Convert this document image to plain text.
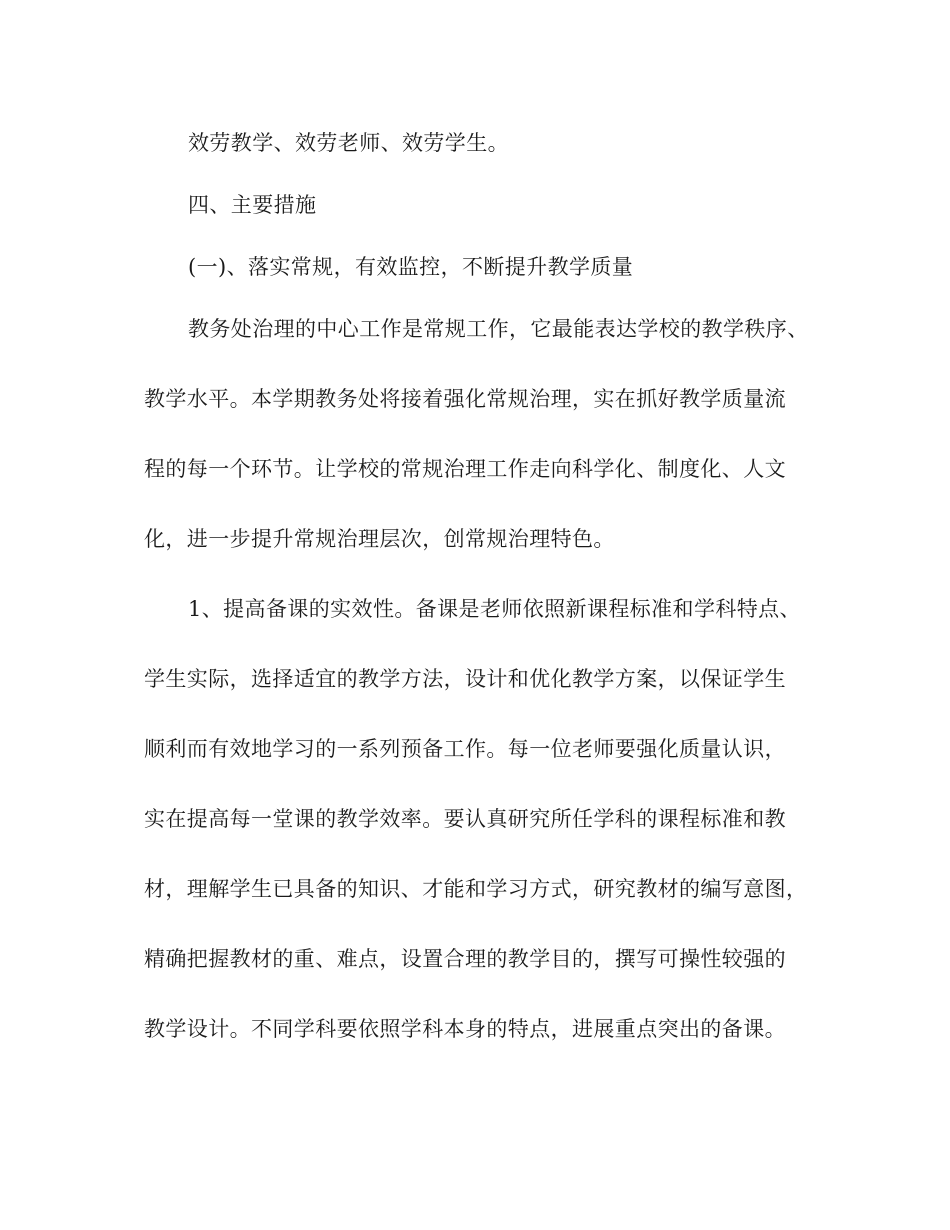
效劳教学、效劳老师、效劳学生。

四、主要措施

(一)、落实常规，有效监控，不断提升教学质量

教务处治理的中心工作是常规工作，它最能表达学校的教学秩序、

教学水平。本学期教务处将接着强化常规治理，实在抓好教学质量流

程的每一个环节。让学校的常规治理工作走向科学化、制度化、人文

化，进一步提升常规治理层次，创常规治理特色。

1、提高备课的实效性。备课是老师依照新课程标准和学科特点、

学生实际，选择适宜的教学方法，设计和优化教学方案，以保证学生

顺利而有效地学习的一系列预备工作。每一位老师要强化质量认识，

实在提高每一堂课的教学效率。要认真研究所任学科的课程标准和教

材，理解学生已具备的知识、才能和学习方式，研究教材的编写意图，

精确把握教材的重、难点，设置合理的教学目的，撰写可操性较强的

教学设计。不同学科要依照学科本身的特点，进展重点突出的备课。
